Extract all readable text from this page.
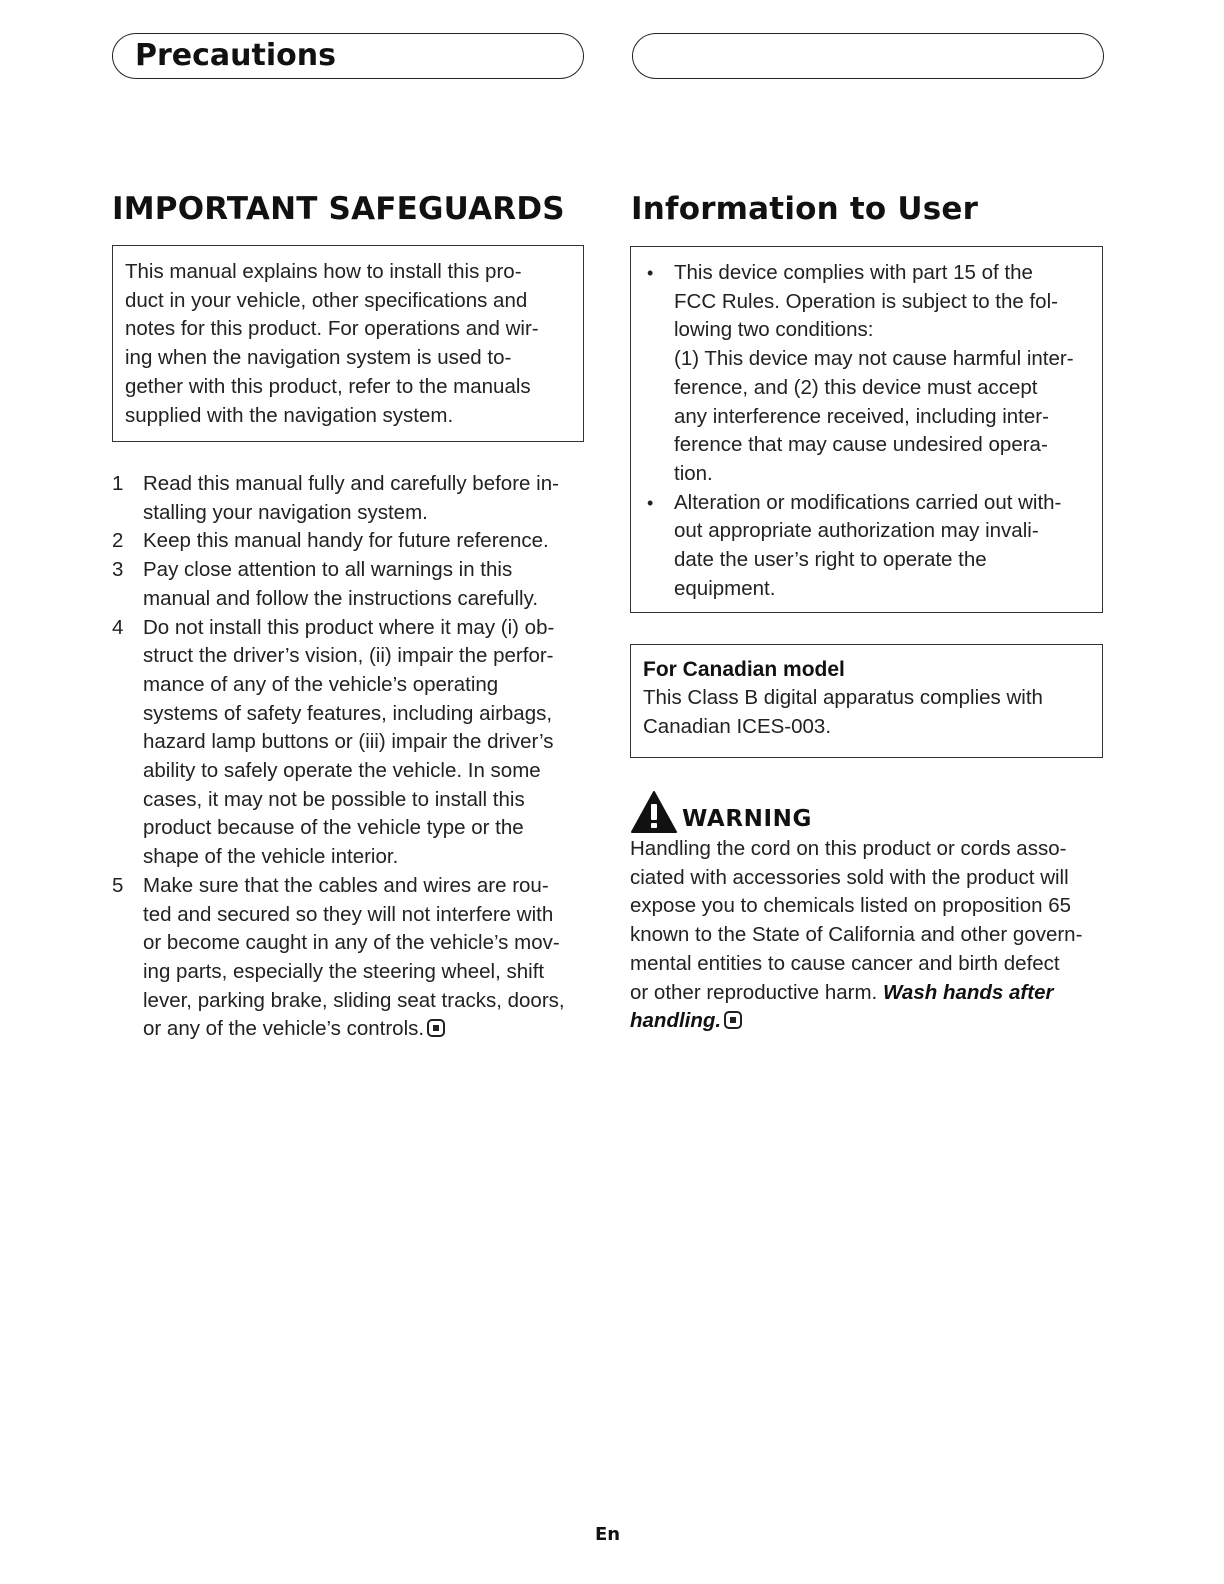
Precautions
IMPORTANT SAFEGUARDS
This manual explains how to install this pro-
duct in your vehicle, other specifications and
notes for this product. For operations and wir-
ing when the navigation system is used to-
gether with this product, refer to the manuals
supplied with the navigation system.
1 Read this manual fully and carefully before in-
stalling your navigation system.
2 Keep this manual handy for future reference.
3 Pay close attention to all warnings in this
manual and follow the instructions carefully.
4 Do not install this product where it may (i) ob-
struct the driver’s vision, (ii) impair the perfor-
mance of any of the vehicle’s operating
systems of safety features, including airbags,
hazard lamp buttons or (iii) impair the driver’s
ability to safely operate the vehicle. In some
cases, it may not be possible to install this
product because of the vehicle type or the
shape of the vehicle interior.
5 Make sure that the cables and wires are rou-
ted and secured so they will not interfere with
or become caught in any of the vehicle’s mov-
ing parts, especially the steering wheel, shift
lever, parking brake, sliding seat tracks, doors,
or any of the vehicle’s controls.
Information to User
• This device complies with part 15 of the
FCC Rules. Operation is subject to the fol-
lowing two conditions:
(1) This device may not cause harmful inter-
ference, and (2) this device must accept
any interference received, including inter-
ference that may cause undesired opera-
tion.
• Alteration or modifications carried out with-
out appropriate authorization may invali-
date the user’s right to operate the
equipment.
For Canadian model
This Class B digital apparatus complies with
Canadian ICES-003.
WARNING
Handling the cord on this product or cords asso-
ciated with accessories sold with the product will
expose you to chemicals listed on proposition 65
known to the State of California and other govern-
mental entities to cause cancer and birth defect
or other reproductive harm. Wash hands after
handling.
En
